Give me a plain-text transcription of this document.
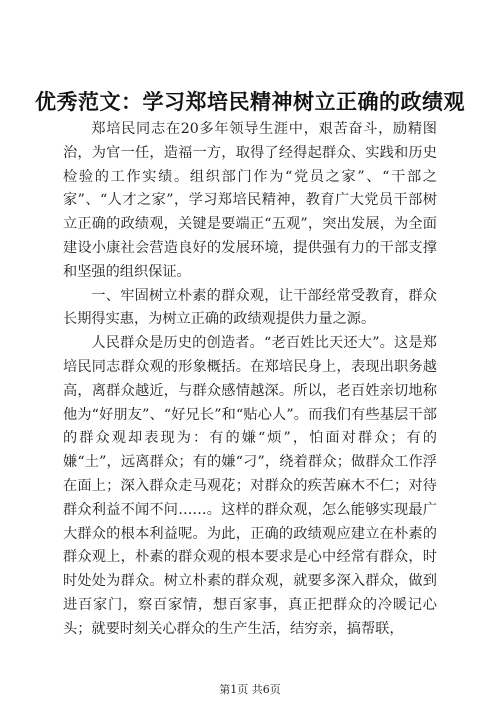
优秀范文：学习郑培民精神树立正确的政绩观

郑培民同志在20多年领导生涯中，艰苦奋斗，励精图治，为官一任，造福一方，取得了经得起群众、实践和历史检验的工作实绩。组织部门作为“党员之家”、“干部之家”、“人才之家”，学习郑培民精神，教育广大党员干部树立正确的政绩观，关键是要端正“五观”，突出发展，为全面建设小康社会营造良好的发展环境，提供强有力的干部支撑和坚强的组织保证。

一、牢固树立朴素的群众观，让干部经常受教育，群众长期得实惠，为树立正确的政绩观提供力量之源。

人民群众是历史的创造者。“老百姓比天还大”。这是郑培民同志群众观的形象概括。在郑培民身上，表现出职务越高，离群众越近，与群众感情越深。所以，老百姓亲切地称他为“好朋友”、“好兄长”和“贴心人”。而我们有些基层干部的群众观却表现为：有的嫌“烦”，怕面对群众；有的嫌“土”，远离群众；有的嫌“刁”，绕着群众；做群众工作浮在面上；深入群众走马观花；对群众的疾苦麻木不仁；对待群众利益不闻不问……。这样的群众观，怎么能够实现最广大群众的根本利益呢。为此，正确的政绩观应建立在朴素的群众观上，朴素的群众观的根本要求是心中经常有群众，时时处处为群众。树立朴素的群众观，就要多深入群众，做到进百家门，察百家情，想百家事，真正把群众的冷暖记心头；就要时刻关心群众的生产生活，结穷亲，搞帮联，

第1页 共6页
